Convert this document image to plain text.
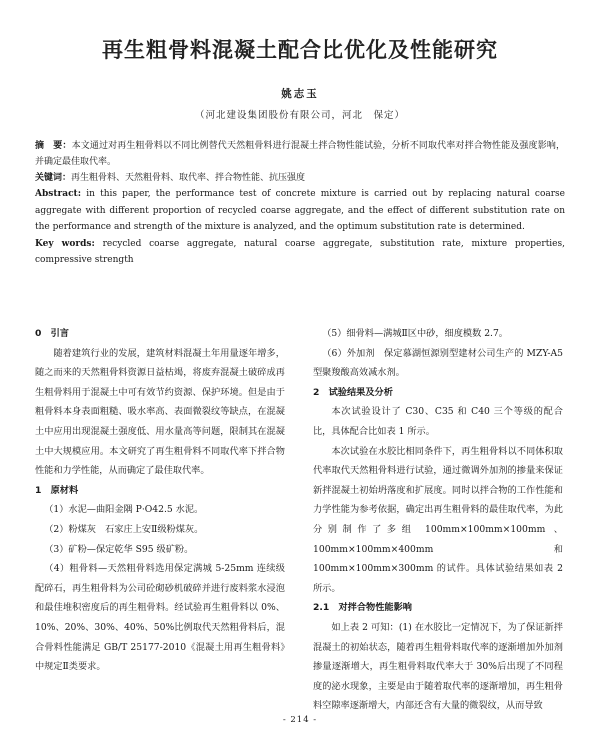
再生粗骨料混凝土配合比优化及性能研究
姚志玉
（河北建设集团股份有限公司，河北　保定）

摘　要：本文通过对再生粗骨料以不同比例替代天然粗骨料进行混凝土拌合物性能试验，分析不同取代率对拌合物性能及强度影响，并确定最佳取代率。

关键词：再生粗骨料、天然粗骨料、取代率、拌合物性能、抗压强度

Abstract: in this paper, the performance test of concrete mixture is carried out by replacing natural coarse aggregate with different proportion of recycled coarse aggregate, and the effect of different substitution rate on the performance and strength of the mixture is analyzed, and the optimum substitution rate is determined.

Key words: recycled coarse aggregate, natural coarse aggregate, substitution rate, mixture properties, compressive strength

0　引言

随着建筑行业的发展，建筑材料混凝土年用量逐年增多，随之而来的天然粗骨料资源日益枯竭，将废弃混凝土破碎成再生粗骨料用于混凝土中可有效节约资源、保护环境。但是由于粗骨料本身表面粗糙、吸水率高、表面微裂纹等缺点，在混凝土中应用出现混凝土强度低、用水量高等问题，限制其在混凝土中大规模应用。本文研究了再生粗骨料不同取代率下拌合物性能和力学性能，从而确定了最佳取代率。

1　原材料

（1）水泥—曲阳金隅 P·O42.5 水泥。

（2）粉煤灰　石家庄上安Ⅱ级粉煤灰。

（3）矿粉—保定乾华 S95 级矿粉。

（4）粗骨料—天然粗骨料选用保定满城 5-25mm 连续级配碎石，再生粗骨料为公司砼砌砂机破碎并进行废料浆水浸泡和最佳堆积密度后的再生粗骨料。经试验再生粗骨料以 0%、10%、20%、30%、40%、50%比例取代天然粗骨料后，混合骨料性能满足 GB/T 25177-2010《混凝土用再生粗骨料》中规定Ⅱ类要求。

（5）细骨料—满城Ⅱ区中砂，细度模数 2.7。

（6）外加剂　保定慕湖恒源别型建材公司生产的 MZY-A5 型聚羧酸高效减水剂。

2　试验结果及分析

本次试验设计了 C30、C35 和 C40 三个等级的配合比，具体配合比如表 1 所示。

本次试验在水胶比相同条件下，再生粗骨料以不同体积取代率取代天然粗骨料进行试验，通过微调外加剂的掺量来保证新拌混凝土初始坍落度和扩展度。同时以拌合物的工作性能和力学性能为参考依据，确定出再生粗骨料的最佳取代率，为此分别制作了多组 100mm×100mm×100mm 、100mm×100mm×400mm 和 100mm×100mm×300mm 的试件。具体试验结果如表 2 所示。

2.1　对拌合物性能影响

如上表 2 可知：(1) 在水胶比一定情况下，为了保证新拌混凝土的初始状态，随着再生粗骨料取代率的逐渐增加外加剂掺量逐渐增大，再生粗骨料取代率大于 30%后出现了不同程度的泌水现象，主要是由于随着取代率的逐渐增加，再生粗骨料空隙率逐渐增大，内部还含有大量的微裂纹，从而导致

- 214 -
